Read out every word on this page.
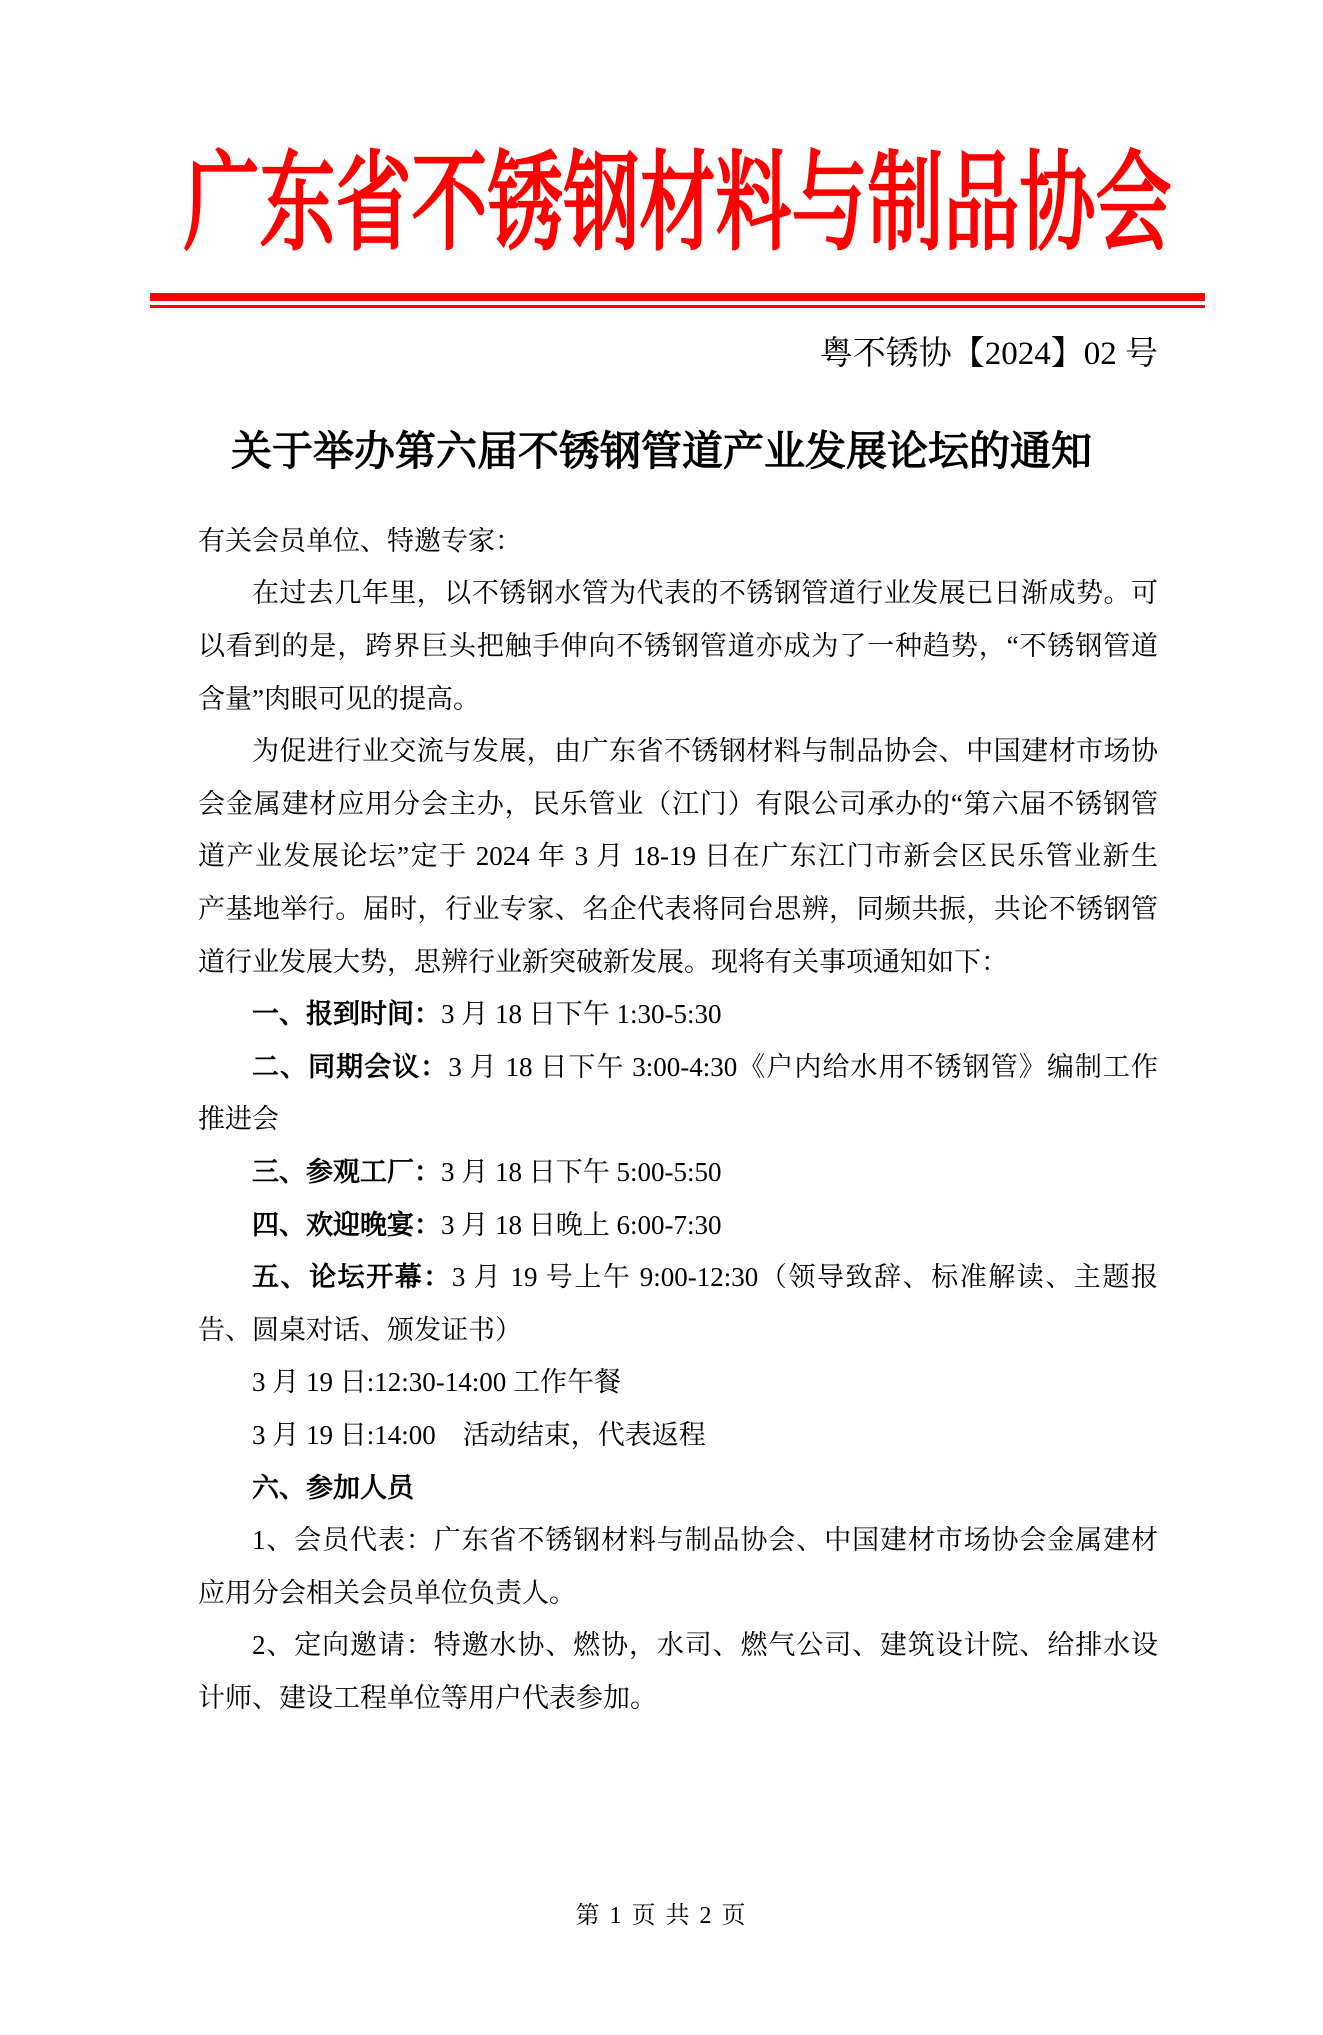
广东省不锈钢材料与制品协会
粤不锈协【2024】02 号
关于举办第六届不锈钢管道产业发展论坛的通知
有关会员单位、特邀专家：
在过去几年里，以不锈钢水管为代表的不锈钢管道行业发展已日渐成势。可
以看到的是，跨界巨头把触手伸向不锈钢管道亦成为了一种趋势，“不锈钢管道
含量”肉眼可见的提高。
为促进行业交流与发展，由广东省不锈钢材料与制品协会、中国建材市场协
会金属建材应用分会主办，民乐管业（江门）有限公司承办的“第六届不锈钢管
道产业发展论坛”定于 2024 年 3 月 18-19 日在广东江门市新会区民乐管业新生
产基地举行。届时，行业专家、名企代表将同台思辨，同频共振，共论不锈钢管
道行业发展大势，思辨行业新突破新发展。现将有关事项通知如下：
一、报到时间：3 月 18 日下午 1:30-5:30
二、同期会议：3 月 18 日下午 3:00-4:30《户内给水用不锈钢管》编制工作
推进会
三、参观工厂：3 月 18 日下午 5:00-5:50
四、欢迎晚宴：3 月 18 日晚上 6:00-7:30
五、论坛开幕：3 月 19 号上午 9:00-12:30（领导致辞、标准解读、主题报
告、圆桌对话、颁发证书）
3 月 19 日:12:30-14:00 工作午餐
3 月 19 日:14:00　活动结束，代表返程
六、参加人员
1、会员代表：广东省不锈钢材料与制品协会、中国建材市场协会金属建材
应用分会相关会员单位负责人。
2、定向邀请：特邀水协、燃协，水司、燃气公司、建筑设计院、给排水设
计师、建设工程单位等用户代表参加。
第 1 页 共 2 页
